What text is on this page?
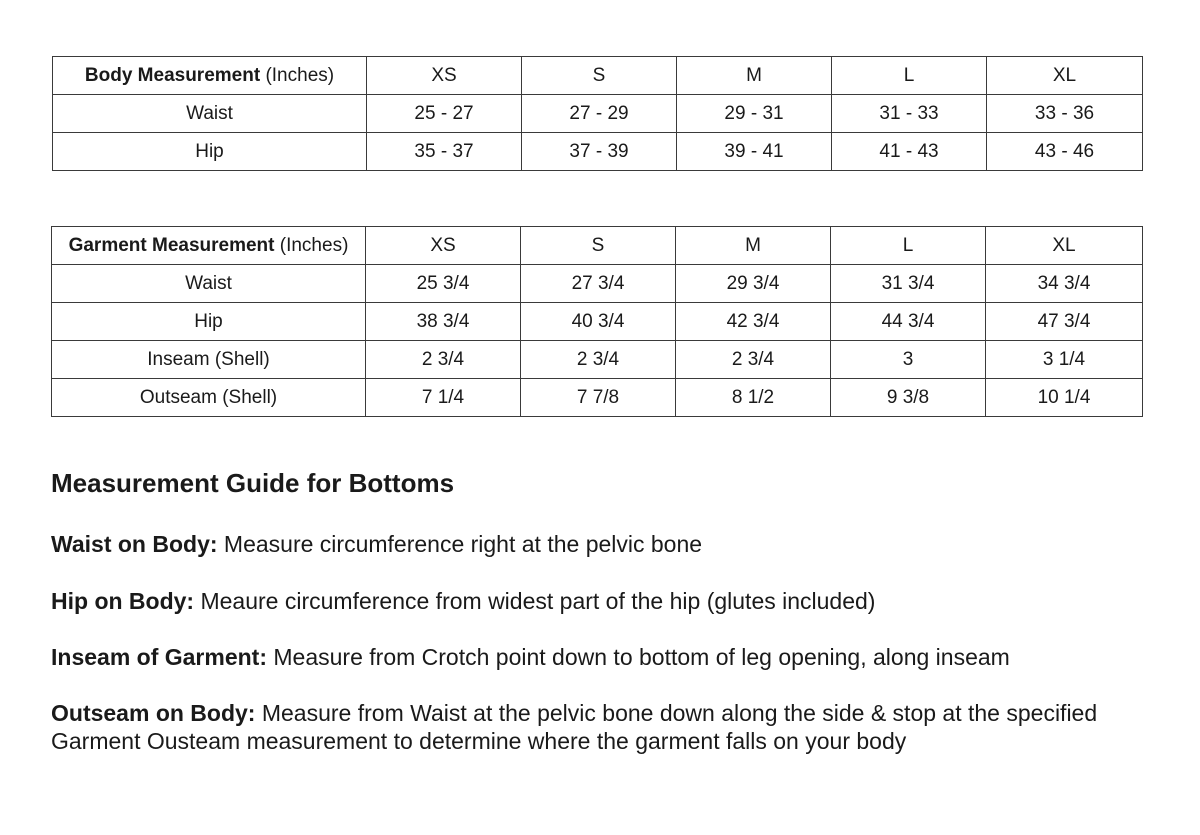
Body Measurement (Inches)	XS	S	M	L	XL
Waist	25 - 27	27 - 29	29 - 31	31 - 33	33 - 36
Hip	35 - 37	37 - 39	39 - 41	41 - 43	43 - 46
Garment Measurement (Inches)	XS	S	M	L	XL
Waist	25 3/4	27 3/4	29 3/4	31 3/4	34 3/4
Hip	38 3/4	40 3/4	42 3/4	44 3/4	47 3/4
Inseam (Shell)	2 3/4	2 3/4	2 3/4	3	3 1/4
Outseam (Shell)	7 1/4	7 7/8	8 1/2	9 3/8	10 1/4
Measurement Guide for Bottoms

Waist on Body: Measure circumference right at the pelvic bone

Hip on Body: Meaure circumference from widest part of the hip (glutes included)

Inseam of Garment: Measure from Crotch point down to bottom of leg opening, along inseam

Outseam on Body: Measure from Waist at the pelvic bone down along the side & stop at the specified Garment Ousteam measurement to determine where the garment falls on your body
